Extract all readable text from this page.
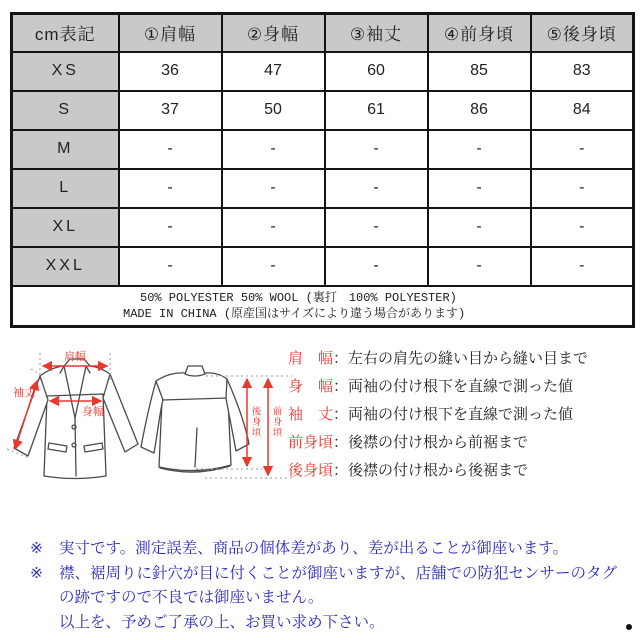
cm表記	①肩幅	②身幅	③袖丈	④前身頃	⑤後身頃
XS	36	47	60	85	83
S	37	50	61	86	84
M	-	-	-	-	-
L	-	-	-	-	-
XL	-	-	-	-	-
XXL	-	-	-	-	-

50% POLYESTER 50% WOOL (裏打　100% POLYESTER)
MADE IN CHINA (原産国はサイズにより違う場合があります)					
肩幅
袖丈
身幅	後身頃 前身頃
肩　幅：左右の肩先の縫い目から縫い目まで
身　幅：両袖の付け根下を直線で測った値
袖　丈：両袖の付け根下を直線で測った値
前身頃：後襟の付け根から前裾まで
後身頃：後襟の付け根から後裾まで
※	実寸です。測定誤差、商品の個体差があり、差が出ることが御座います。
※	襟、裾周りに針穴が目に付くことが御座いますが、店舗での防犯センサーのタグの跡ですので不良では御座いません。
以上を、予めご了承の上、お買い求め下さい。
